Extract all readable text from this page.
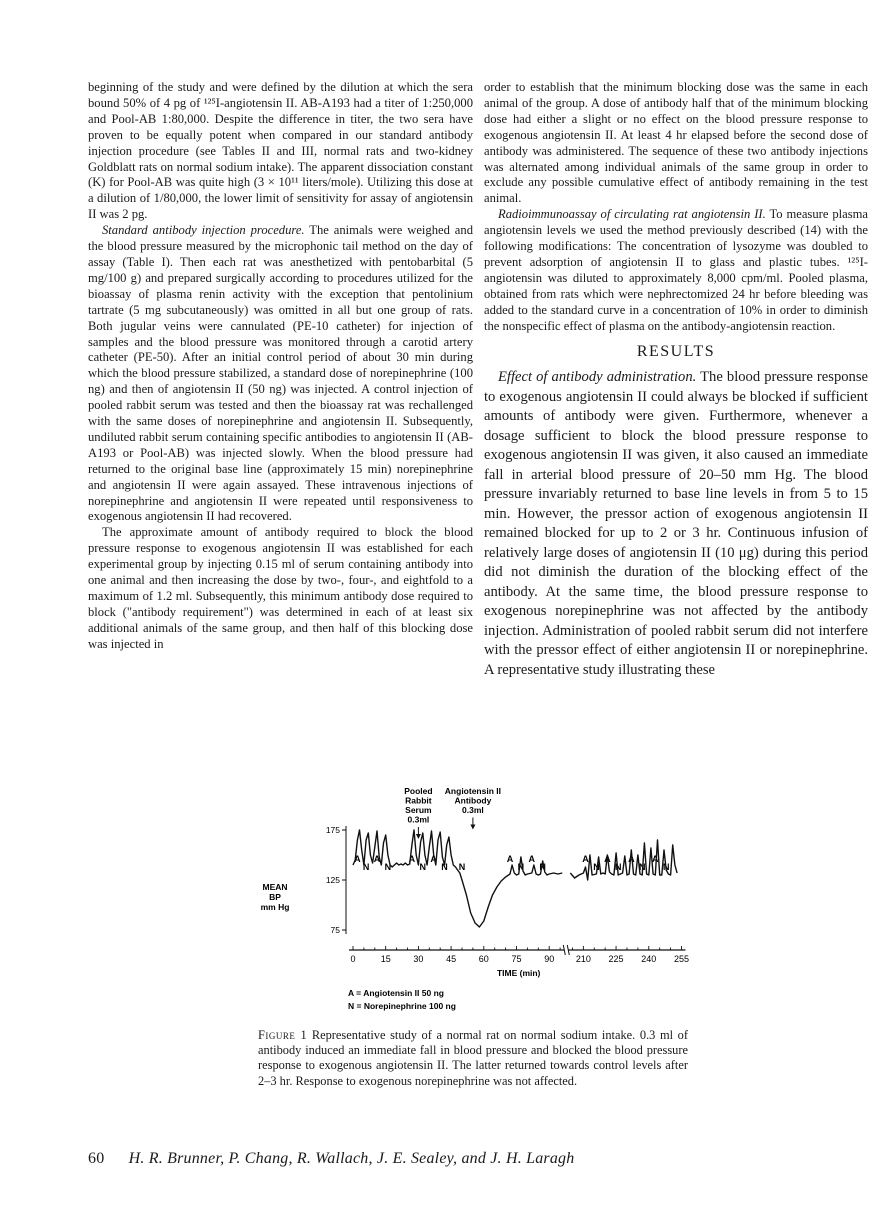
beginning of the study and were defined by the dilution at which the sera bound 50% of 4 pg of ¹²⁵I-angiotensin II. AB-A193 had a titer of 1:250,000 and Pool-AB 1:80,000. Despite the difference in titer, the two sera have proven to be equally potent when compared in our standard antibody injection procedure (see Tables II and III, normal rats and two-kidney Goldblatt rats on normal sodium intake). The apparent dissociation constant (K) for Pool-AB was quite high (3 × 10¹¹ liters/mole). Utilizing this dose at a dilution of 1/80,000, the lower limit of sensitivity for assay of angiotensin II was 2 pg.

Standard antibody injection procedure. The animals were weighed and the blood pressure measured by the microphonic tail method on the day of assay (Table I). Then each rat was anesthetized with pentobarbital (5 mg/100 g) and prepared surgically according to procedures utilized for the bioassay of plasma renin activity with the exception that pentolinium tartrate (5 mg subcutaneously) was omitted in all but one group of rats. Both jugular veins were cannulated (PE-10 catheter) for injection of samples and the blood pressure was monitored through a carotid artery catheter (PE-50). After an initial control period of about 30 min during which the blood pressure stabilized, a standard dose of norepinephrine (100 ng) and then of angiotensin II (50 ng) was injected. A control injection of pooled rabbit serum was tested and then the bioassay rat was rechallenged with the same doses of norepinephrine and angiotensin II. Subsequently, undiluted rabbit serum containing specific antibodies to angiotensin II (AB-A193 or Pool-AB) was injected slowly. When the blood pressure had returned to the original base line (approximately 15 min) norepinephrine and angiotensin II were again assayed. These intravenous injections of norepinephrine and angiotensin II were repeated until responsiveness to exogenous angiotensin II had recovered.

The approximate amount of antibody required to block the blood pressure response to exogenous angiotensin II was established for each experimental group by injecting 0.15 ml of serum containing antibody into one animal and then increasing the dose by two-, four-, and eightfold to a maximum of 1.2 ml. Subsequently, this minimum antibody dose required to block ("antibody requirement") was determined in each of at least six additional animals of the same group, and then half of this blocking dose was injected in

order to establish that the minimum blocking dose was the same in each animal of the group. A dose of antibody half that of the minimum blocking dose had either a slight or no effect on the blood pressure response to exogenous angiotensin II. At least 4 hr elapsed before the second dose of antibody was administered. The sequence of these two antibody injections was alternated among individual animals of the same group in order to exclude any possible cumulative effect of antibody remaining in the test animal.

Radioimmunoassay of circulating rat angiotensin II. To measure plasma angiotensin levels we used the method previously described (14) with the following modifications: The concentration of lysozyme was doubled to prevent adsorption of angiotensin II to glass and plastic tubes. ¹²⁵I-angiotensin was diluted to approximately 8,000 cpm/ml. Pooled plasma, obtained from rats which were nephrectomized 24 hr before bleeding was added to the standard curve in a concentration of 10% in order to diminish the nonspecific effect of plasma on the antibody-angiotensin reaction.

RESULTS

Effect of antibody administration. The blood pressure response to exogenous angiotensin II could always be blocked if sufficient amounts of antibody were given. Furthermore, whenever a dosage sufficient to block the blood pressure response to exogenous angiotensin II was given, it also caused an immediate fall in arterial blood pressure of 20–50 mm Hg. The blood pressure invariably returned to base line levels in from 5 to 15 min. However, the pressor action of exogenous angiotensin II remained blocked for up to 2 or 3 hr. Continuous infusion of relatively large doses of angiotensin II (10 μg) during this period did not diminish the duration of the blocking effect of the antibody. At the same time, the blood pressure response to exogenous norepinephrine was not affected by the antibody injection. Administration of pooled rabbit serum did not interfere with the pressor effect of either angiotensin II or norepinephrine. A representative study illustrating these

Pooled
Rabbit
Serum
0.3ml
Angiotensin II
Antibody
0.3ml
A
N
A
N
A
N
A
N N
A
N
A
N
A
N
A
N
A
N
A
N
MEAN
BP
mm Hg
175
125
75
0	15	30	45	60	75	90 210 225 240 255
TIME (min)
A = Angiotensin II 50 ng
N = Norepinephrine 100 ng
Figure 1 Representative study of a normal rat on normal sodium intake. 0.3 ml of antibody induced an immediate fall in blood pressure and blocked the blood pressure response to exogenous angiotensin II. The latter returned towards control levels after 2–3 hr. Response to exogenous norepinephrine was not affected.
60 H. R. Brunner, P. Chang, R. Wallach, J. E. Sealey, and J. H. Laragh
